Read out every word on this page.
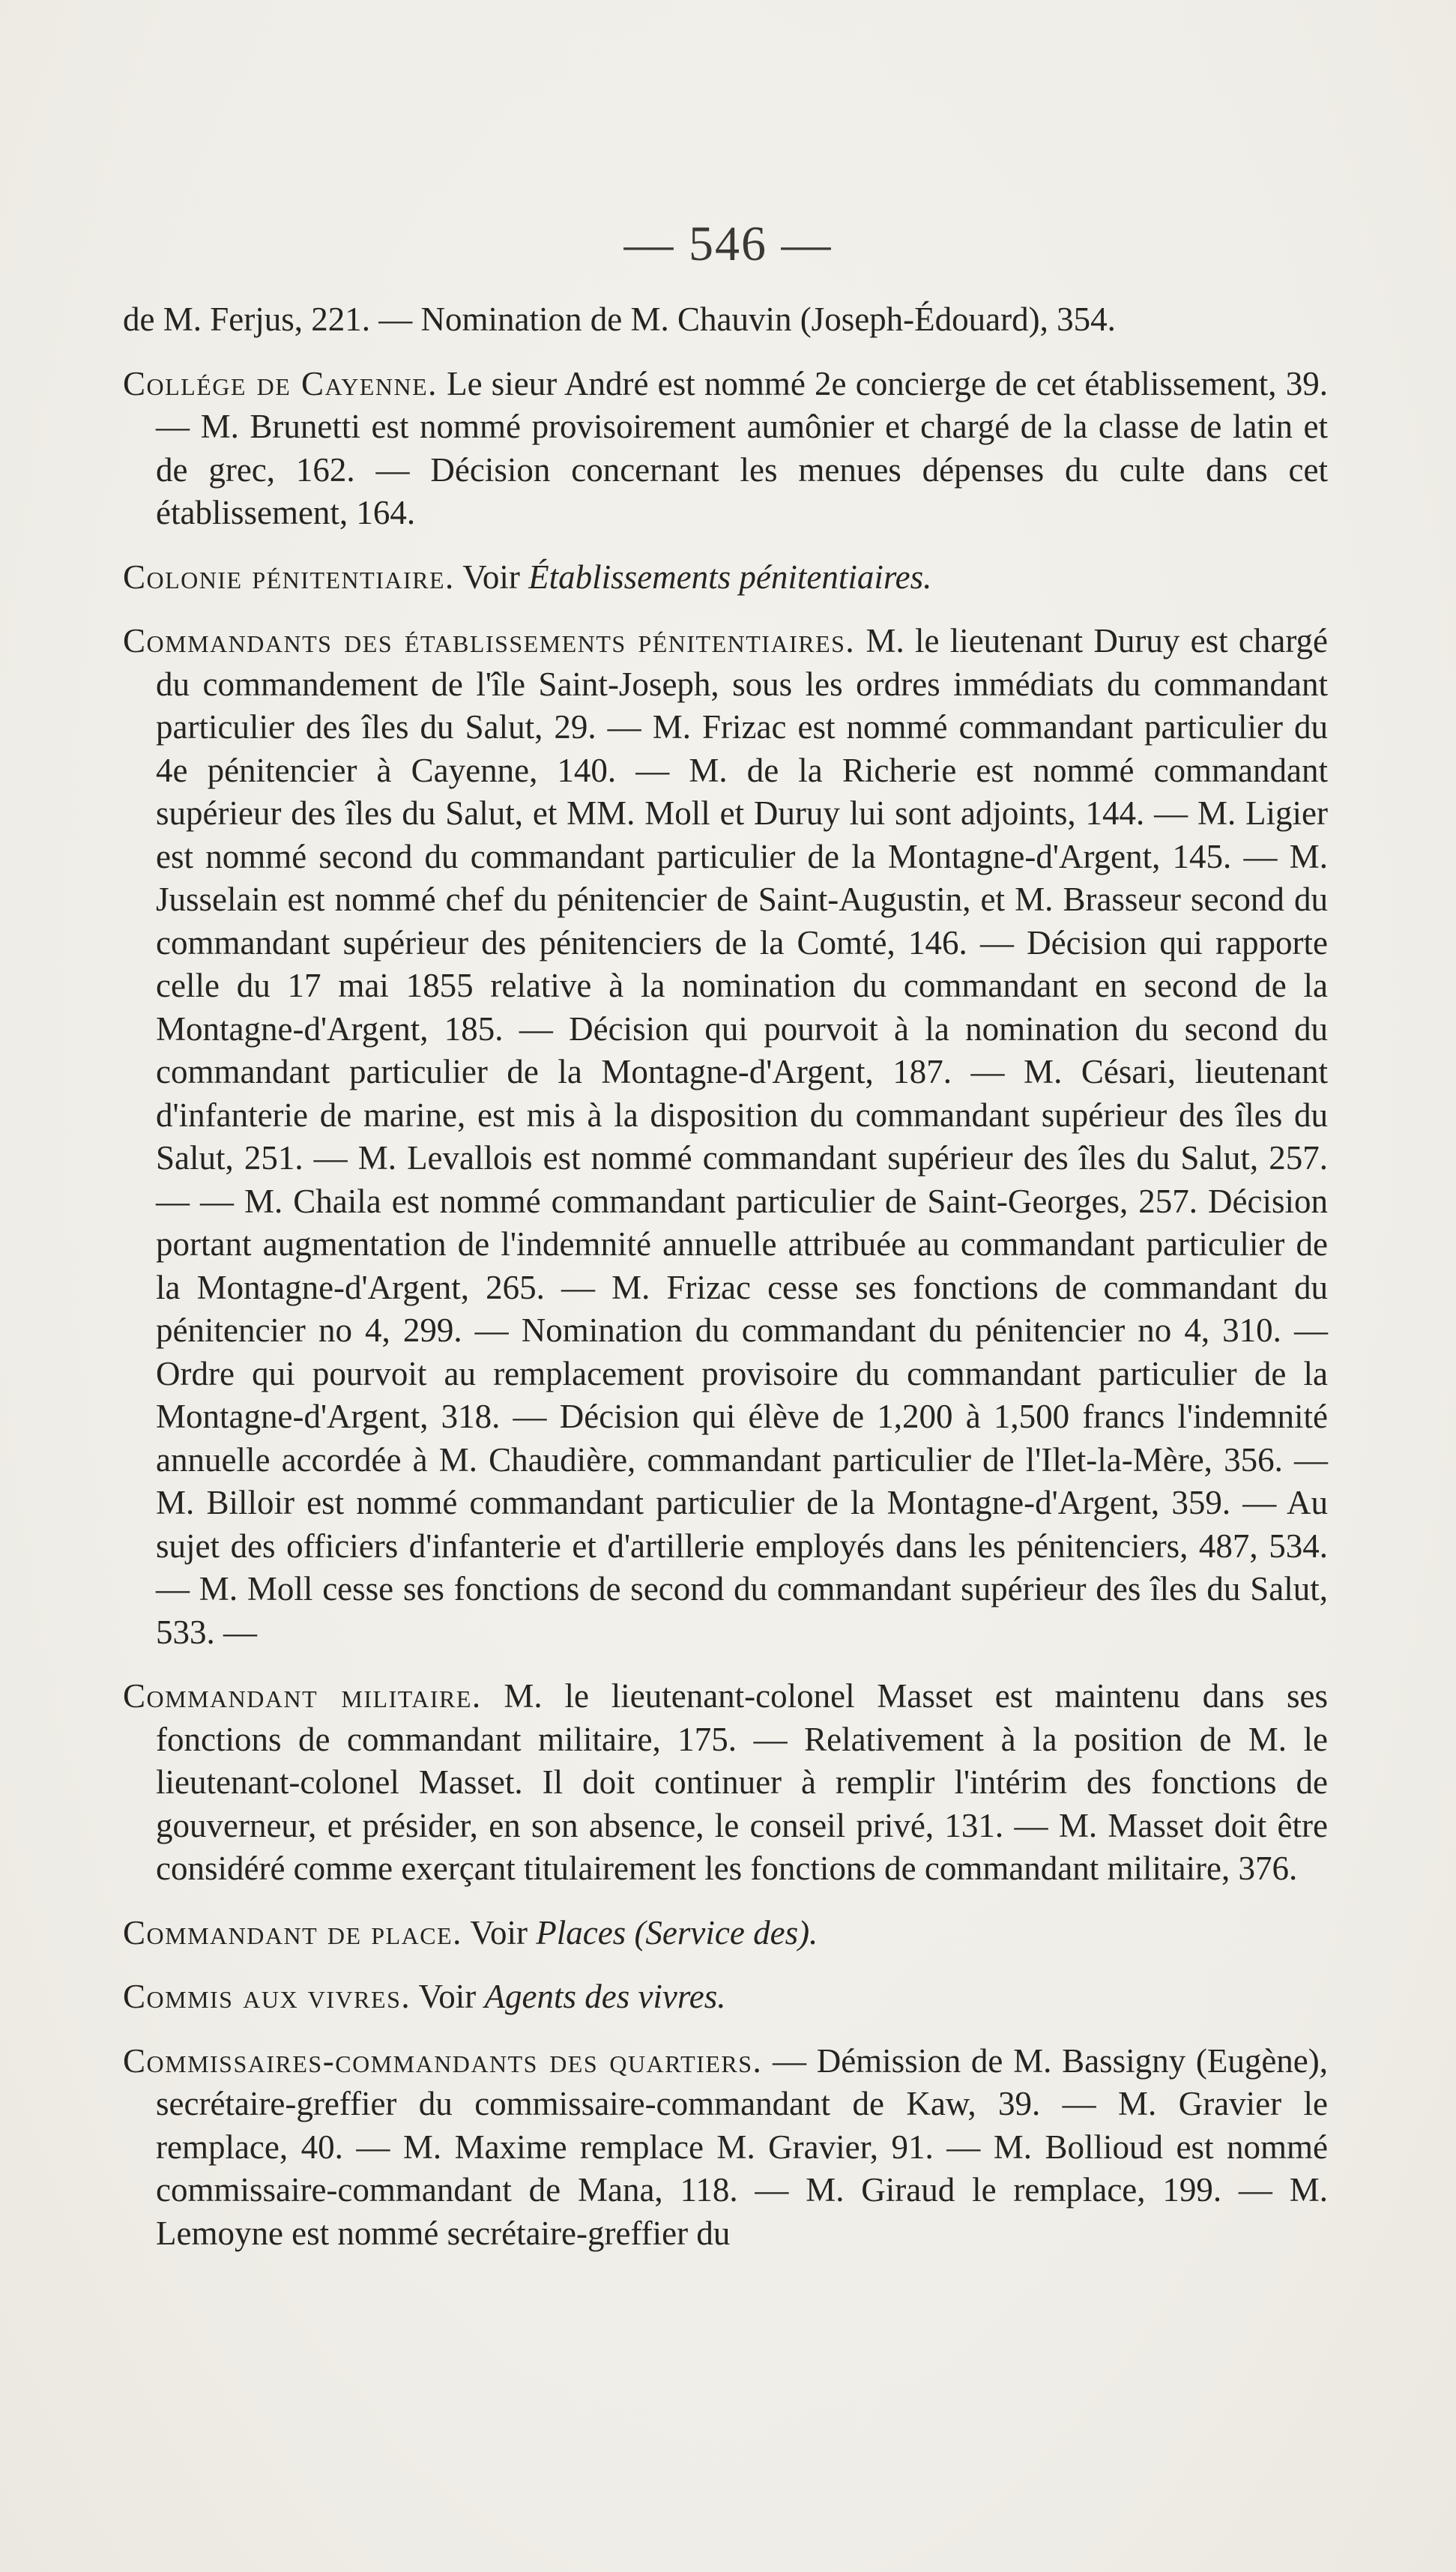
— 546 —

de M. Ferjus, 221. — Nomination de M. Chauvin (Joseph-Édouard), 354.

Collége de Cayenne. Le sieur André est nommé 2e concierge de cet établissement, 39. — M. Brunetti est nommé provisoirement aumônier et chargé de la classe de latin et de grec, 162. — Décision concernant les menues dépenses du culte dans cet établissement, 164.

Colonie pénitentiaire. Voir Établissements pénitentiaires.

Commandants des établissements pénitentiaires. M. le lieutenant Duruy est chargé du commandement de l'île Saint-Joseph, sous les ordres immédiats du commandant particulier des îles du Salut, 29. — M. Frizac est nommé commandant particulier du 4e pénitencier à Cayenne, 140. — M. de la Richerie est nommé commandant supérieur des îles du Salut, et MM. Moll et Duruy lui sont adjoints, 144. — M. Ligier est nommé second du commandant particulier de la Montagne-d'Argent, 145. — M. Jusselain est nommé chef du pénitencier de Saint-Augustin, et M. Brasseur second du commandant supérieur des pénitenciers de la Comté, 146. — Décision qui rapporte celle du 17 mai 1855 relative à la nomination du commandant en second de la Montagne-d'Argent, 185. — Décision qui pourvoit à la nomination du second du commandant particulier de la Montagne-d'Argent, 187. — M. Césari, lieutenant d'infanterie de marine, est mis à la disposition du commandant supérieur des îles du Salut, 251. — M. Levallois est nommé commandant supérieur des îles du Salut, 257. — — M. Chaila est nommé commandant particulier de Saint-Georges, 257. Décision portant augmentation de l'indemnité annuelle attribuée au commandant particulier de la Montagne-d'Argent, 265. — M. Frizac cesse ses fonctions de commandant du pénitencier no 4, 299. — Nomination du commandant du pénitencier no 4, 310. — Ordre qui pourvoit au remplacement provisoire du commandant particulier de la Montagne-d'Argent, 318. — Décision qui élève de 1,200 à 1,500 francs l'indemnité annuelle accordée à M. Chaudière, commandant particulier de l'Ilet-la-Mère, 356. — M. Billoir est nommé commandant particulier de la Montagne-d'Argent, 359. — Au sujet des officiers d'infanterie et d'artillerie employés dans les pénitenciers, 487, 534. — M. Moll cesse ses fonctions de second du commandant supérieur des îles du Salut, 533. —

Commandant militaire. M. le lieutenant-colonel Masset est maintenu dans ses fonctions de commandant militaire, 175. — Relativement à la position de M. le lieutenant-colonel Masset. Il doit continuer à remplir l'intérim des fonctions de gouverneur, et présider, en son absence, le conseil privé, 131. — M. Masset doit être considéré comme exerçant titulairement les fonctions de commandant militaire, 376.

Commandant de place. Voir Places (Service des).

Commis aux vivres. Voir Agents des vivres.

Commissaires-commandants des quartiers. — Démission de M. Bassigny (Eugène), secrétaire-greffier du commissaire-commandant de Kaw, 39. — M. Gravier le remplace, 40. — M. Maxime remplace M. Gravier, 91. — M. Bollioud est nommé commissaire-commandant de Mana, 118. — M. Giraud le remplace, 199. — M. Lemoyne est nommé secrétaire-greffier du
